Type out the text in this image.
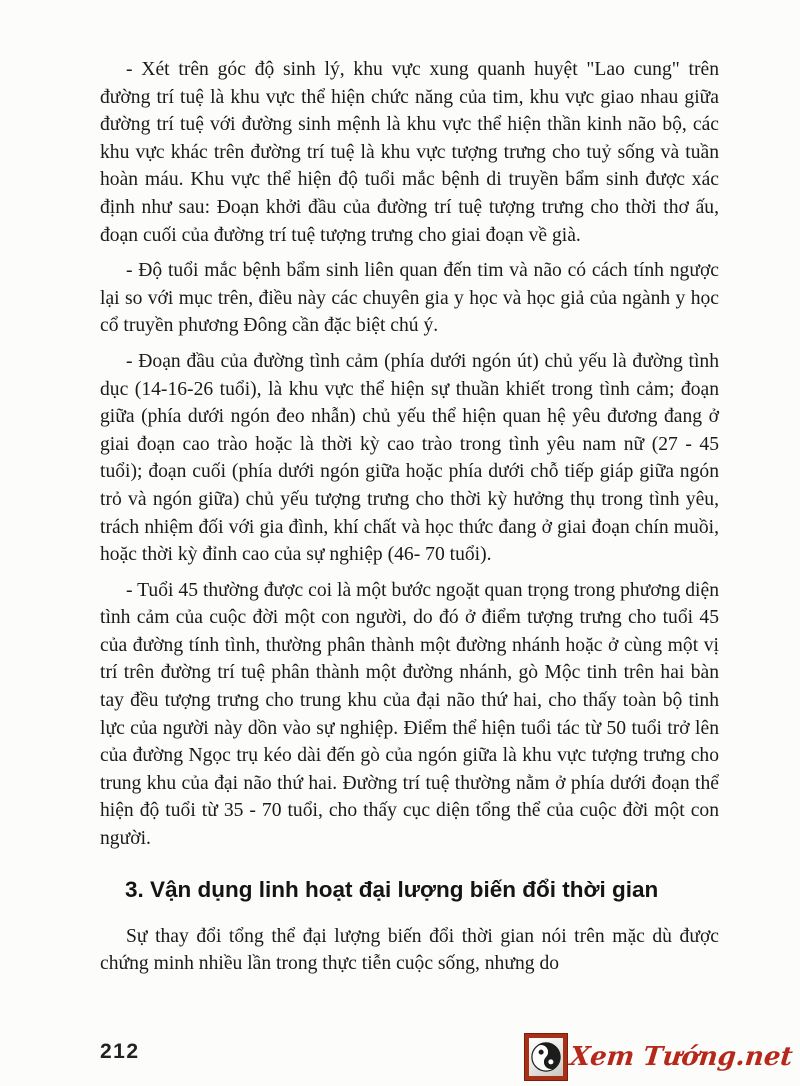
- Xét trên góc độ sinh lý, khu vực xung quanh huyệt "Lao cung" trên đường trí tuệ là khu vực thể hiện chức năng của tim, khu vực giao nhau giữa đường trí tuệ với đường sinh mệnh là khu vực thể hiện thần kinh não bộ, các khu vực khác trên đường trí tuệ là khu vực tượng trưng cho tuỷ sống và tuần hoàn máu. Khu vực thể hiện độ tuổi mắc bệnh di truyền bẩm sinh được xác định như sau: Đoạn khởi đầu của đường trí tuệ tượng trưng cho thời thơ ấu, đoạn cuối của đường trí tuệ tượng trưng cho giai đoạn về già.

- Độ tuổi mắc bệnh bẩm sinh liên quan đến tim và não có cách tính ngược lại so với mục trên, điều này các chuyên gia y học và học giả của ngành y học cổ truyền phương Đông cần đặc biệt chú ý.

- Đoạn đầu của đường tình cảm (phía dưới ngón út) chủ yếu là đường tình dục (14-16-26 tuổi), là khu vực thể hiện sự thuần khiết trong tình cảm; đoạn giữa (phía dưới ngón đeo nhẫn) chủ yếu thể hiện quan hệ yêu đương đang ở giai đoạn cao trào hoặc là thời kỳ cao trào trong tình yêu nam nữ (27 - 45 tuổi); đoạn cuối (phía dưới ngón giữa hoặc phía dưới chỗ tiếp giáp giữa ngón trỏ và ngón giữa) chủ yếu tượng trưng cho thời kỳ hưởng thụ trong tình yêu, trách nhiệm đối với gia đình, khí chất và học thức đang ở giai đoạn chín muồi, hoặc thời kỳ đỉnh cao của sự nghiệp (46- 70 tuổi).

- Tuổi 45 thường được coi là một bước ngoặt quan trọng trong phương diện tình cảm của cuộc đời một con người, do đó ở điểm tượng trưng cho tuổi 45 của đường tính tình, thường phân thành một đường nhánh hoặc ở cùng một vị trí trên đường trí tuệ phân thành một đường nhánh, gò Mộc tinh trên hai bàn tay đều tượng trưng cho trung khu của đại não thứ hai, cho thấy toàn bộ tinh lực của người này dồn vào sự nghiệp. Điểm thể hiện tuổi tác từ 50 tuổi trở lên của đường Ngọc trụ kéo dài đến gò của ngón giữa là khu vực tượng trưng cho trung khu của đại não thứ hai. Đường trí tuệ thường nằm ở phía dưới đoạn thể hiện độ tuổi từ 35 - 70 tuổi, cho thấy cục diện tổng thể của cuộc đời một con người.

3. Vận dụng linh hoạt đại lượng biến đổi thời gian

Sự thay đổi tổng thể đại lượng biến đổi thời gian nói trên mặc dù được chứng minh nhiều lần trong thực tiễn cuộc sống, nhưng do

212	Xem Tướng.net
